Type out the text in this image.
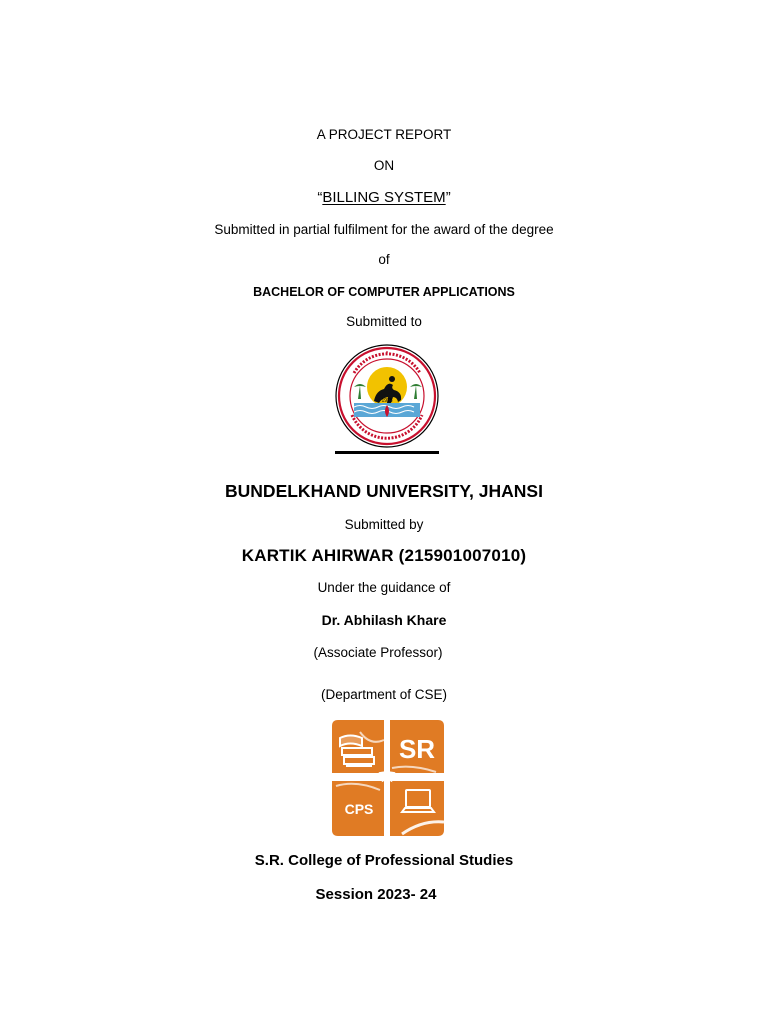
A PROJECT REPORT
ON
“BILLING SYSTEM”
Submitted in partial fulfilment for the award of the degree
of
BACHELOR OF COMPUTER APPLICATIONS
Submitted to
1975
BUNDELKHAND UNIVERSITY, JHANSI
Submitted by
KARTIK AHIRWAR (215901007010)
Under the guidance of
Dr. Abhilash Khare
(Associate Professor)
(Department of CSE)
SR
CPS
S.R. College of Professional Studies
Session 2023- 24
